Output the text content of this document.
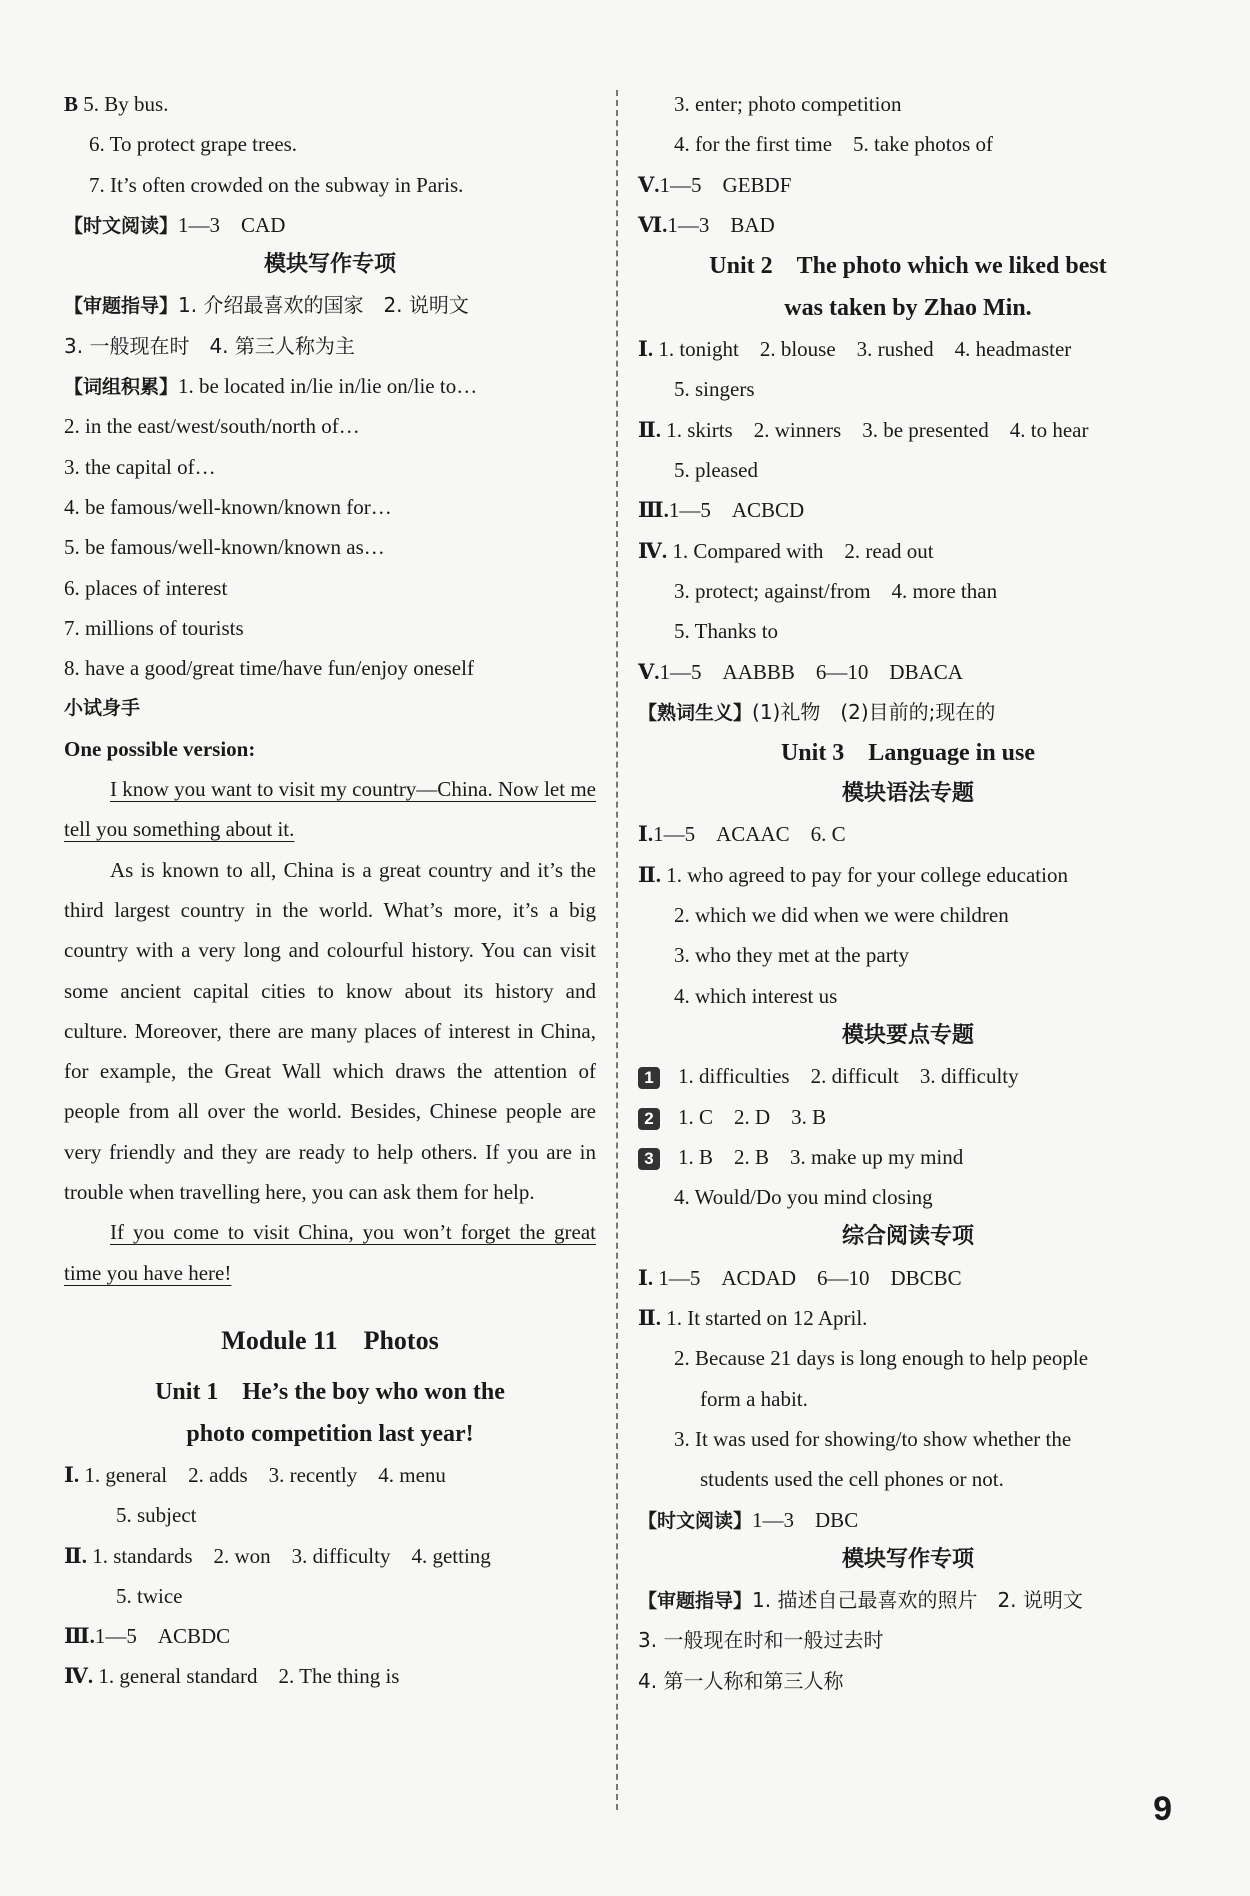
B 5. By bus.
6. To protect grape trees.
7. It’s often crowded on the subway in Paris.
【时文阅读】1—3　CAD
模块写作专项
【审题指导】1. 介绍最喜欢的国家　2. 说明文
3. 一般现在时　4. 第三人称为主
【词组积累】1. be located in/lie in/lie on/lie to…
2. in the east/west/south/north of…
3. the capital of…
4. be famous/well-known/known for…
5. be famous/well-known/known as…
6. places of interest
7. millions of tourists
8. have a good/great time/have fun/enjoy oneself
小试身手
One possible version:
I know you want to visit my country—China. Now let me tell you something about it.
As is known to all, China is a great country and it’s the third largest country in the world. What’s more, it’s a big country with a very long and colourful history. You can visit some ancient capital cities to know about its history and culture. Moreover, there are many places of interest in China, for example, the Great Wall which draws the attention of people from all over the world. Besides, Chinese people are very friendly and they are ready to help others. If you are in trouble when travelling here, you can ask them for help.
If you come to visit China, you won’t forget the great time you have here!
Module 11　Photos
Unit 1　He’s the boy who won the
photo competition last year!
Ⅰ. 1. general　2. adds　3. recently　4. menu
5. subject
Ⅱ. 1. standards　2. won　3. difficulty　4. getting
5. twice
Ⅲ.1—5　ACBDC
Ⅳ. 1. general standard　2. The thing is
3. enter; photo competition
4. for the first time　5. take photos of
Ⅴ.1—5　GEBDF
Ⅵ.1—3　BAD
Unit 2　The photo which we liked best
was taken by Zhao Min.
Ⅰ. 1. tonight　2. blouse　3. rushed　4. headmaster
5. singers
Ⅱ. 1. skirts　2. winners　3. be presented　4. to hear
5. pleased
Ⅲ.1—5　ACBCD
Ⅳ. 1. Compared with　2. read out
3. protect; against/from　4. more than
5. Thanks to
Ⅴ.1—5　AABBB　6—10　DBACA
【熟词生义】(1)礼物　(2)目前的;现在的
Unit 3　Language in use
模块语法专题
Ⅰ.1—5　ACAAC　6. C
Ⅱ. 1. who agreed to pay for your college education
2. which we did when we were children
3. who they met at the party
4. which interest us
模块要点专题
1 1. difficulties　2. difficult　3. difficulty
2 1. C　2. D　3. B
3 1. B　2. B　3. make up my mind
4. Would/Do you mind closing
综合阅读专项
Ⅰ. 1—5　ACDAD　6—10　DBCBC
Ⅱ. 1. It started on 12 April.
2. Because 21 days is long enough to help people
form a habit.
3. It was used for showing/to show whether the
students used the cell phones or not.
【时文阅读】1—3　DBC
模块写作专项
【审题指导】1. 描述自己最喜欢的照片　2. 说明文
3. 一般现在时和一般过去时
4. 第一人称和第三人称
9
